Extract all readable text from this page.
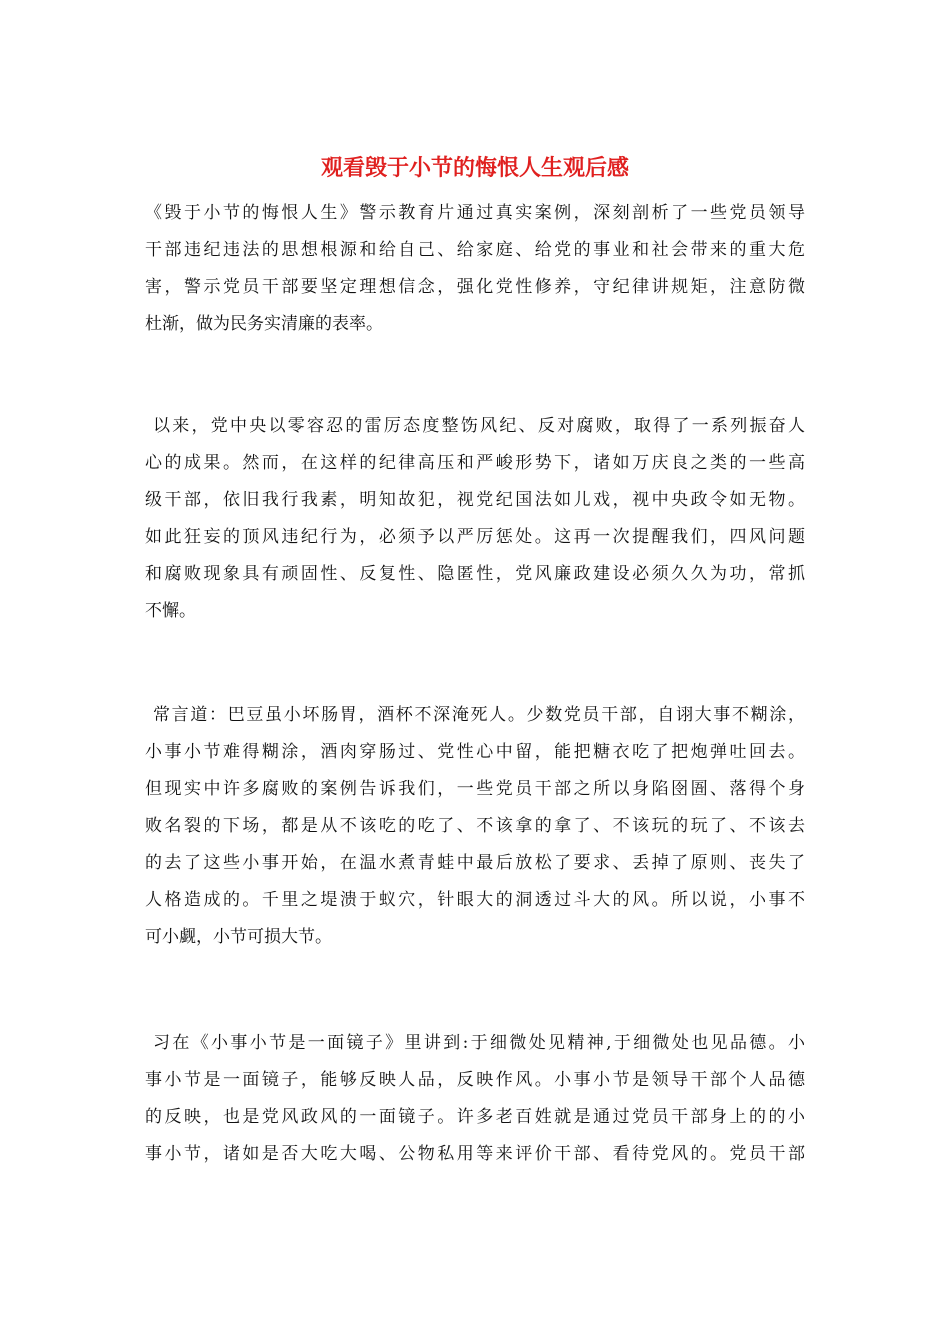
观看毁于小节的悔恨人生观后感
《毁于小节的悔恨人生》警示教育片通过真实案例，深刻剖析了一些党员领导
干部违纪违法的思想根源和给自己、给家庭、给党的事业和社会带来的重大危
害，警示党员干部要坚定理想信念，强化党性修养，守纪律讲规矩，注意防微
杜渐，做为民务实清廉的表率。
以来，党中央以零容忍的雷厉态度整饬风纪、反对腐败，取得了一系列振奋人
心的成果。然而，在这样的纪律高压和严峻形势下，诸如万庆良之类的一些高
级干部，依旧我行我素，明知故犯，视党纪国法如儿戏，视中央政令如无物。
如此狂妄的顶风违纪行为，必须予以严厉惩处。这再一次提醒我们，四风问题
和腐败现象具有顽固性、反复性、隐匿性，党风廉政建设必须久久为功，常抓
不懈。
常言道：巴豆虽小坏肠胃，酒杯不深淹死人。少数党员干部，自诩大事不糊涂，
小事小节难得糊涂，酒肉穿肠过、党性心中留，能把糖衣吃了把炮弹吐回去。
但现实中许多腐败的案例告诉我们，一些党员干部之所以身陷囹圄、落得个身
败名裂的下场，都是从不该吃的吃了、不该拿的拿了、不该玩的玩了、不该去
的去了这些小事开始，在温水煮青蛙中最后放松了要求、丢掉了原则、丧失了
人格造成的。千里之堤溃于蚁穴，针眼大的洞透过斗大的风。所以说，小事不
可小觑，小节可损大节。
习在《小事小节是一面镜子》里讲到:于细微处见精神,于细微处也见品德。小
事小节是一面镜子，能够反映人品，反映作风。小事小节是领导干部个人品德
的反映，也是党风政风的一面镜子。许多老百姓就是通过党员干部身上的的小
事小节，诸如是否大吃大喝、公物私用等来评价干部、看待党风的。党员干部
